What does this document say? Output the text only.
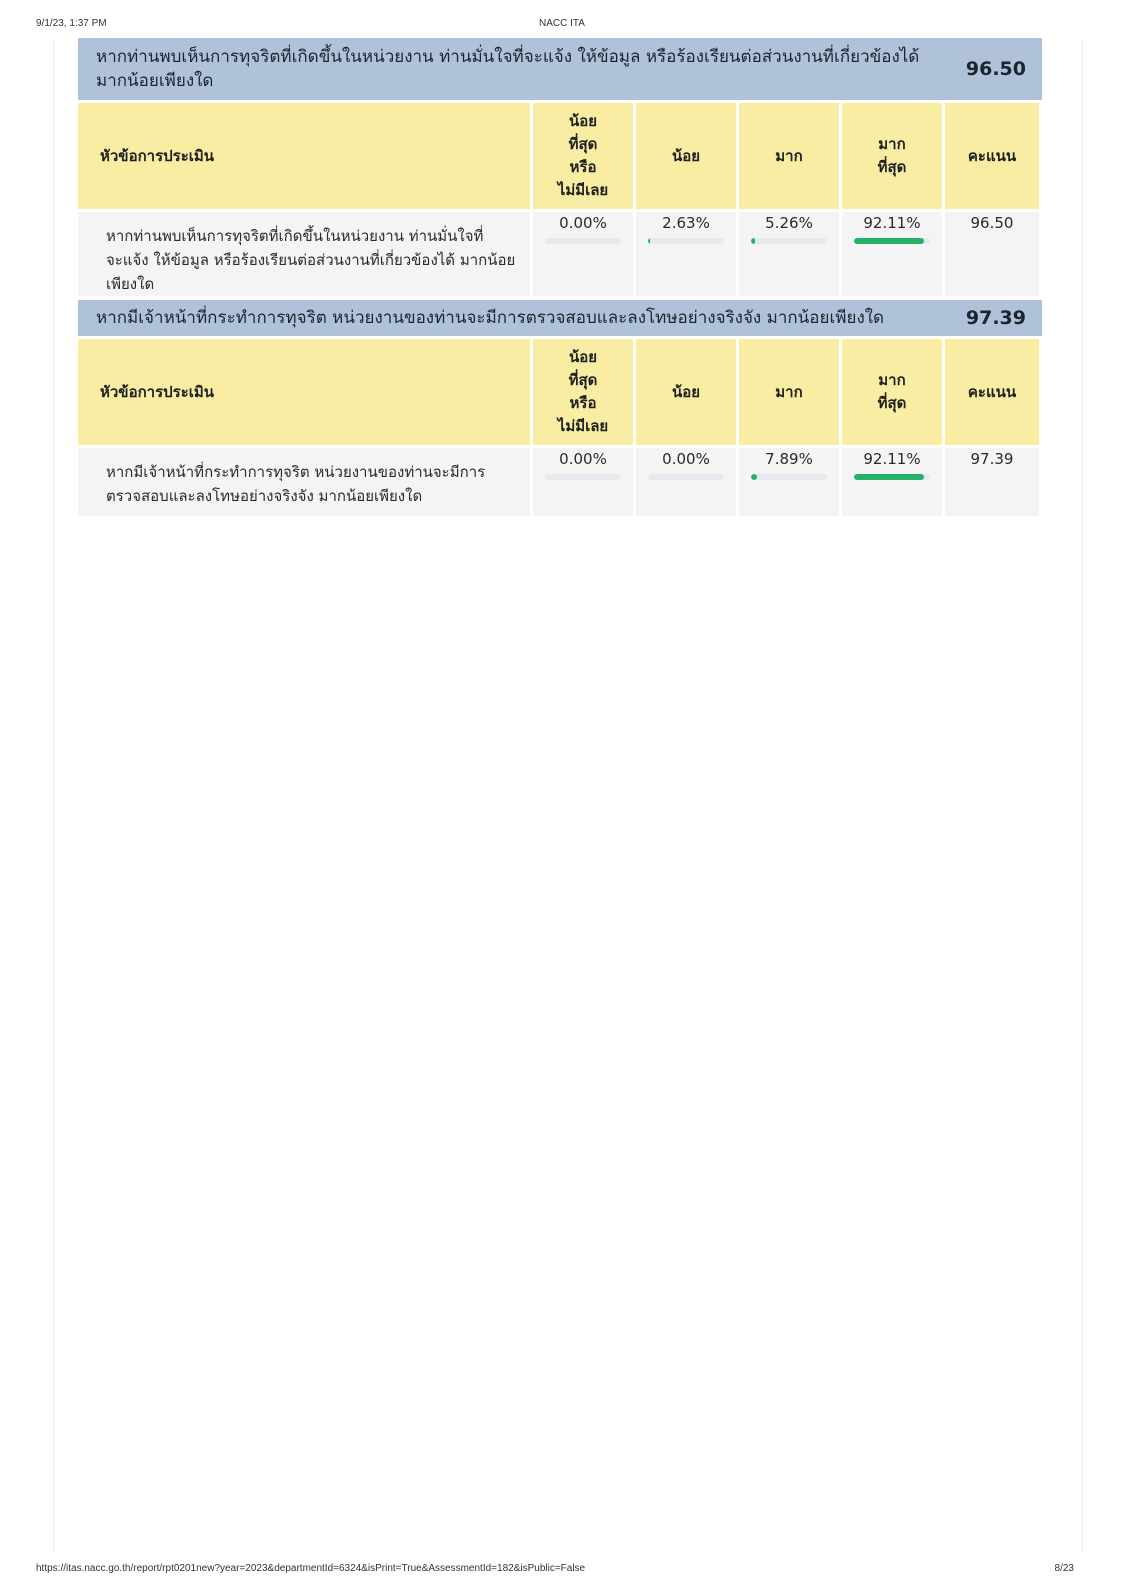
9/1/23, 1:37 PM	NACC ITA
หากท่านพบเห็นการทุจริตที่เกิดขึ้นในหน่วยงาน ท่านมั่นใจที่จะแจ้ง ให้ข้อมูล หรือร้องเรียนต่อส่วนงานที่เกี่ยวข้องได้ มากน้อยเพียงใด
96.50
หัวข้อการประเมิน	น้อย
ที่สุด
หรือ
ไม่มีเลย	น้อย	มาก	มาก
ที่สุด	คะแนน
หากท่านพบเห็นการทุจริตที่เกิดขึ้นในหน่วยงาน ท่านมั่นใจที่จะแจ้ง ให้ข้อมูล หรือร้องเรียนต่อส่วนงานที่เกี่ยวข้องได้ มากน้อยเพียงใด	0.00%	2.63%	5.26%	92.11%	96.50
หากมีเจ้าหน้าที่กระทำการทุจริต หน่วยงานของท่านจะมีการตรวจสอบและลงโทษอย่างจริงจัง มากน้อยเพียงใด	97.39
หัวข้อการประเมิน	น้อย
ที่สุด
หรือ
ไม่มีเลย	น้อย	มาก	มาก
ที่สุด	คะแนน
หากมีเจ้าหน้าที่กระทำการทุจริต หน่วยงานของท่านจะมีการตรวจสอบและลงโทษอย่างจริงจัง มากน้อยเพียงใด	0.00%	0.00%	7.89%	92.11%	97.39
https://itas.nacc.go.th/report/rpt0201new?year=2023&departmentId=6324&isPrint=True&AssessmentId=182&isPublic=False	8/23
